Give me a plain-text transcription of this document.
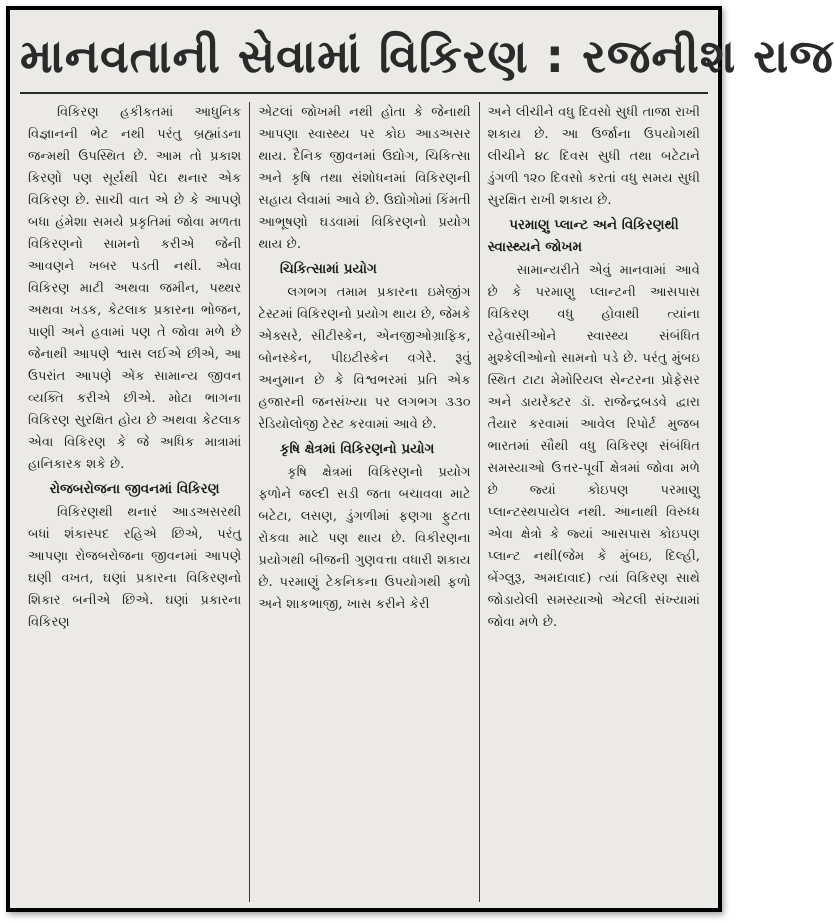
માનવતાની સેવામાં વિકિરણ : રજનીશ રાજ

વિકિરણ હકીકતમાં આધુનિક વિજ્ઞાનની ભેટ નથી પરંતુ બ્રહ્માંડના જન્મથી ઉપસ્થિત છે. આમ તો પ્રકાશ કિરણો પણ સૂર્યથી પેદા થનાર એક વિકિરણ છે. સાચી વાત એ છે કે આપણે બધા હંમેશા સમયે પ્રકૃતિમાં જોવા મળતા વિકિરણનો સામનો કરીએ જેની આવણને ખબર પડતી નથી. એવા વિકિરણ માટી અથવા જમીન, પથ્થર અથવા ખડક, કેટલાક પ્રકારના ભોજન, પાણી અને હવામાં પણ તે જોવા મળે છે જેનાથી આપણે શ્વાસ લઈએ છીએ, આ ઉપરાંત આપણે એક સામાન્ય જીવન વ્યક્તિ કરીએ છીએ. મોટા ભાગના વિકિરણ સુરક્ષિત હોય છે અથવા કેટલાક એવા વિકિરણ કે જે અધિક માત્રામાં હાનિકારક શકે છે.

રોજબરોજના જીવનમાં વિકિરણ

વિકિરણથી થનારં આડઅસરથી બધાં શંકાસ્પદ રહિએ છિએ, પરંતુ આપણા રોજબરોજના જીવનમાં આપણે ઘણી વખત, ઘણાં પ્રકારના વિકિરણનો શિકાર બનીએ છિએ. ઘણાં પ્રકારના વિકિરણ

એટલાં જોખમી નથી હોતા કે જેનાથી આપણા સ્વાસ્થ્ય પર કોઇ આડઅસર થાય. દૈનિક જીવનમાં ઉદ્યોગ, ચિકિત્સા અને કૃષિ તથા સંશોધનમાં વિકિરણની સહાય લેવામાં આવે છે. ઉદ્યોગોમાં કિંમતી આભૂષણો ઘડવામાં વિકિરણનો પ્રયોગ થાય છે.

ચિકિત્સામાં પ્રયોગ

લગભગ તમામ પ્રકારના ઇમેજીંગ ટેસ્ટમાં વિકિરણનો પ્રયોગ થાય છે, જેમકે એક્સરે, સીટીસ્કેન, એનજીઓગ્રાફિક, બોનસ્કેન, પીઇટીસ્કેન વગેરે. રૂવું અનુમાન છે કે વિશ્વભરમાં પ્રતિ એક હજારની જનસંખ્યા પર લગભગ ૩૩૦ રેડિયોલોજી ટેસ્ટ કરવામાં આવે છે.

કૃષિ ક્ષેત્રમાં વિકિરણનો પ્રયોગ

કૃષિ ક્ષેત્રમાં વિકિરણનો પ્રયોગ ફળોને જલ્દી સડી જતા બચાવવા માટે બટેટા, લસણ, ડુંગળીમાં ફણગા ફુટતા રોકવા માટે પણ થાય છે. વિકીરણના પ્રયોગથી બીજની ગુણવત્તા વધારી શકાય છે. પરમાણું ટેકનિકના ઉપયોગથી ફળો અને શાકભાજી, ખાસ કરીને કેરી

અને લીચીને વધુ દિવસો સુધી તાજા રાખી શકાય છે. આ ઉર્જાના ઉપયોગથી લીચીને ૪૮ દિવસ સુધી તથા બટેટાને ડુંગળી ૧૨૦ દિવસો કરતાં વધુ સમય સુધી સુરક્ષિત રાખી શકાય છે.

પરમાણુ પ્લાન્ટ અને વિકિરણથી સ્વાસ્થ્યને જોખમ

સામાન્યરીતે એવું માનવામાં આવે છે કે પરમાણુ પ્લાન્ટની આસપાસ વિકિરણ વધુ હોવાથી ત્યાંના રહેવાસીઓને સ્વાસ્થ્ય સંબંધિત મુશ્કેલીઓનો સામનો પડે છે. પરંતુ મુંબઇ સ્થિત ટાટા મેમોરિયલ સેન્ટરના પ્રોફેસર અને ડાયરેક્ટર ડૉ. રાજેન્દ્રબડવે દ્વારા તૈયાર કરવામાં આવેલ રિપોર્ટ મુજબ ભારતમાં સૌથી વધુ વિકિરણ સંબંધિત સમસ્યાઓ ઉત્તર-પૂર્વી ક્ષેત્રમાં જોવા મળે છે જ્યાં કોઇપણ પરમાણુ પ્લાન્ટસ્થપાયેલ નથી. આનાથી વિરુધ્ધ એવા ક્ષેત્રો કે જ્યાં આસપાસ કોઇપણ પ્લાન્ટ નથી(જેમ કે મુંબઇ, દિલ્હી, બેંગ્લુરૂ, અમદાવાદ) ત્યાં વિકિરણ સાથે જોડાયેલી સમસ્યાઓ એટલી સંખ્યામાં જોવા મળે છે.
